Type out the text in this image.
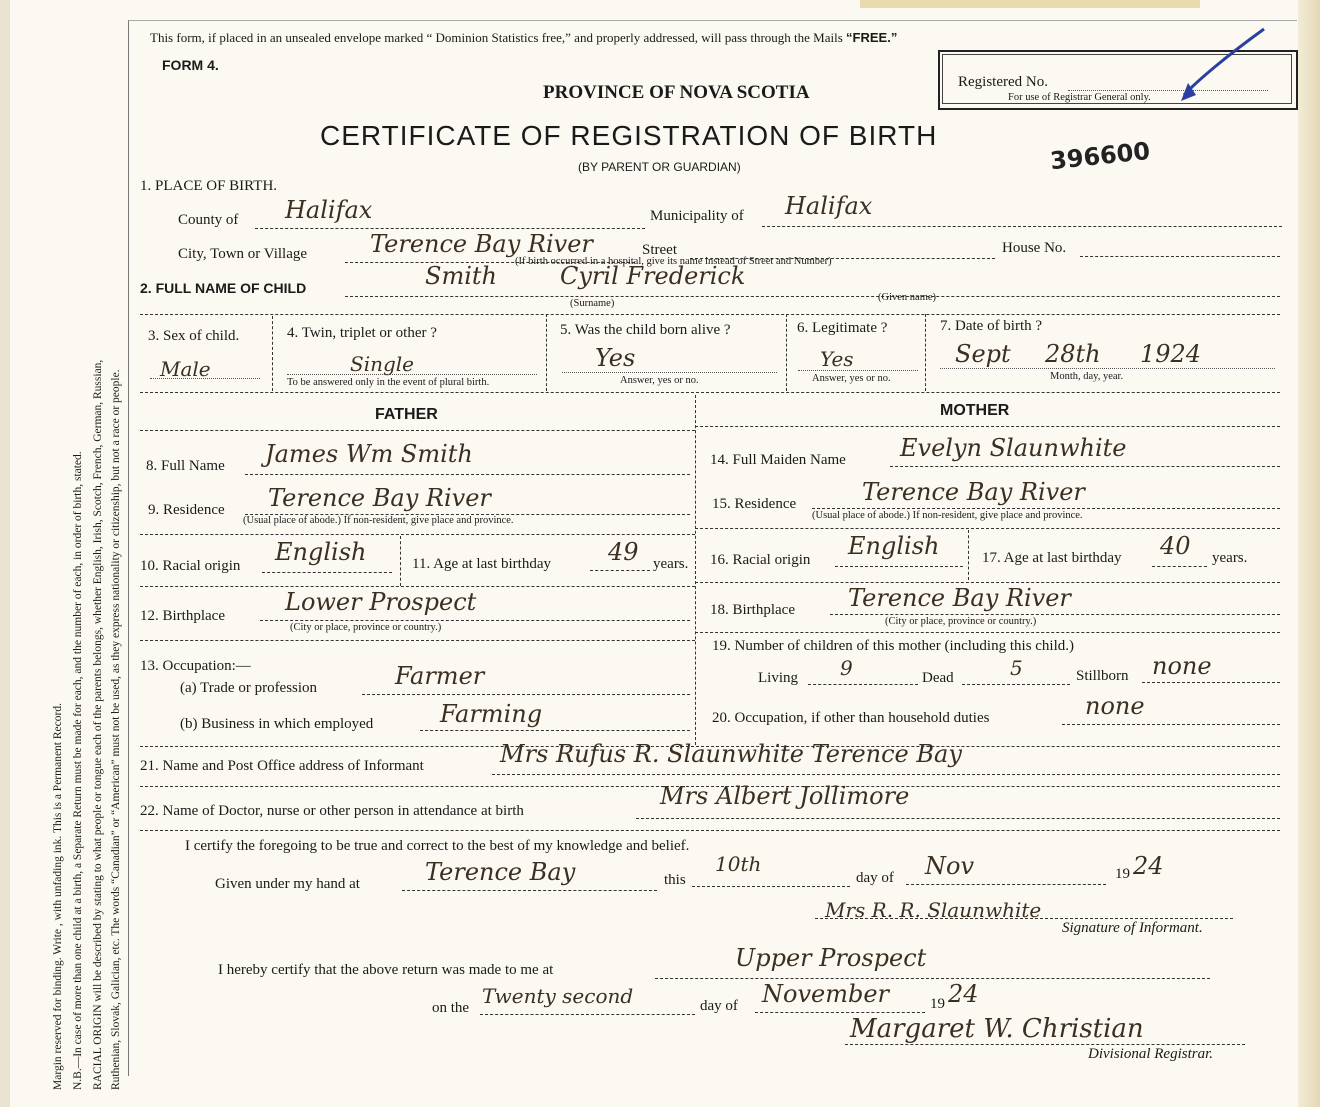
Margin reserved for binding. Write , with unfading ink. This is a Permanent Record. N.B.—In case of more than one child at a birth, a Separate Return must be made for each, and the number of each, in order of birth, stated. RACIAL ORIGIN will be described by stating to what people or tongue each of the parents belongs, whether English, Irish, Scotch, French, German, Russian, Ruthenian, Slovak, Galician, etc. The words “Canadian” or “American” must not be used, as they express nationality or citizenship, but not a race or people.
This form, if placed in an unsealed envelope marked “ Dominion Statistics free,” and properly addressed, will pass through the Mails “FREE.”
FORM 4.
Registered No.
For use of Registrar General only.
PROVINCE OF NOVA SCOTIA
CERTIFICATE OF REGISTRATION OF BIRTH
(BY PARENT OR GUARDIAN)	396600
1. PLACE OF BIRTH.
County of Halifax	Municipality of Halifax
City, Town or Village	Terence Bay River	Street	House No.
(If birth occurred in a hospital, give its name instead of Street and Number)
2. FULL NAME OF CHILD	Smith	Cyril Frederick
(Surname)
(Given name)
3. Sex of child.
Male
4. Twin, triplet or other ?
Single
To be answered only in the event of plural birth.
5. Was the child born alive ?
Yes
Answer, yes or no.
6. Legitimate ?
Yes
Answer, yes or no.
7. Date of birth ?
Sept 28th 1924
Month, day, year.
FATHER	MOTHER
8. Full Name James Wm Smith
9. Residence Terence Bay River
(Usual place of abode.) If non-resident, give place and province.
10. Racial origin English	11. Age at last birthday 49 years.
12. Birthplace	Lower Prospect
(City or place, province or country.)
13. Occupation:—
(a) Trade or profession	Farmer
(b) Business in which employed	Farming
14. Full Maiden Name Evelyn Slaunwhite
15. Residence	Terence Bay River
(Usual place of abode.) If non-resident, give place and province.
16. Racial origin English	17. Age at last birthday 40 years.
18. Birthplace Terence Bay River
(City or place, province or country.)
19. Number of children of this mother (including this child.)
Living 9	Dead	5	Stillborn none
20. Occupation, if other than household duties	none
21. Name and Post Office address of Informant	Mrs Rufus R. Slaunwhite Terence Bay
22. Name of Doctor, nurse or other person in attendance at birth
Mrs Albert Jollimore
I certify the foregoing to be true and correct to the best of my knowledge and belief.
Given under my hand at	Terence Bay	this
10th
day of Nov	19 24
Mrs R. R. Slaunwhite
Signature of Informant.
I hereby certify that the above return was made to me at	Upper Prospect
on the Twenty second	day of November	19 24
Margaret W. Christian
Divisional Registrar.
